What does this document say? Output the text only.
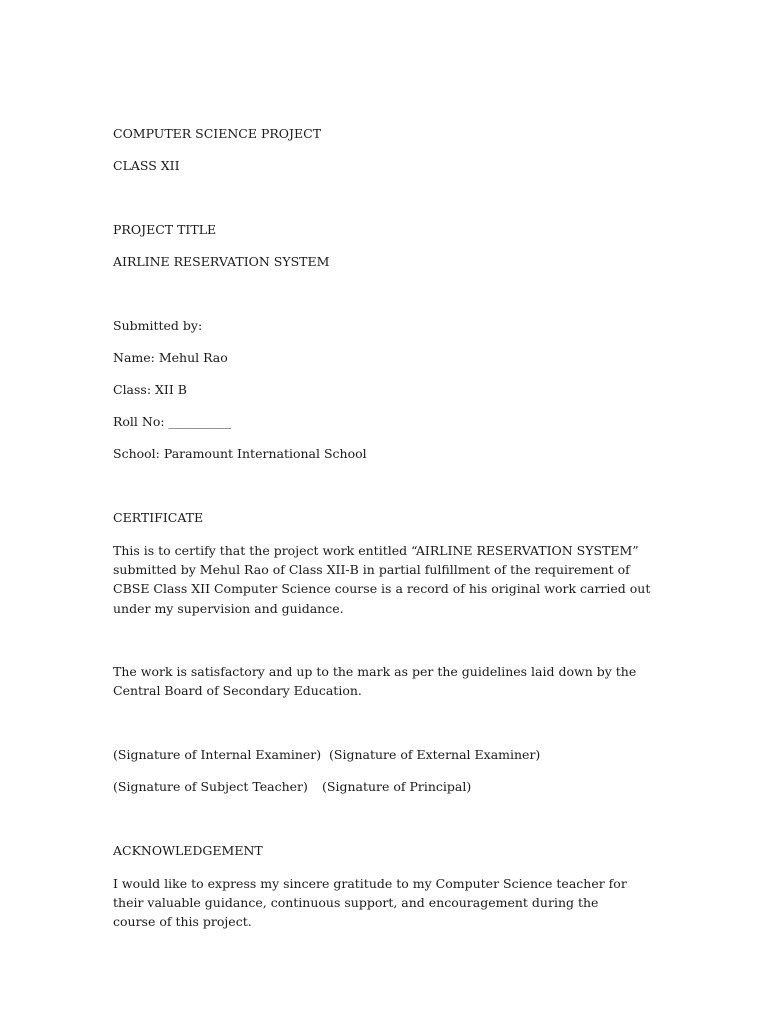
COMPUTER SCIENCE PROJECT
CLASS XII
PROJECT TITLE
AIRLINE RESERVATION SYSTEM
Submitted by:
Name: Mehul Rao
Class: XII B
Roll No: __________
School: Paramount International School
CERTIFICATE
This is to certify that the project work entitled “AIRLINE RESERVATION SYSTEM” submitted by Mehul Rao of Class XII-B in partial fulfillment of the requirement of CBSE Class XII Computer Science course is a record of his original work carried out under my supervision and guidance.
The work is satisfactory and up to the mark as per the guidelines laid down by the Central Board of Secondary Education.
(Signature of Internal Examiner) (Signature of External Examiner)
(Signature of Subject Teacher) (Signature of Principal)
ACKNOWLEDGEMENT
I would like to express my sincere gratitude to my Computer Science teacher for their valuable guidance, continuous support, and encouragement during the course of this project.
